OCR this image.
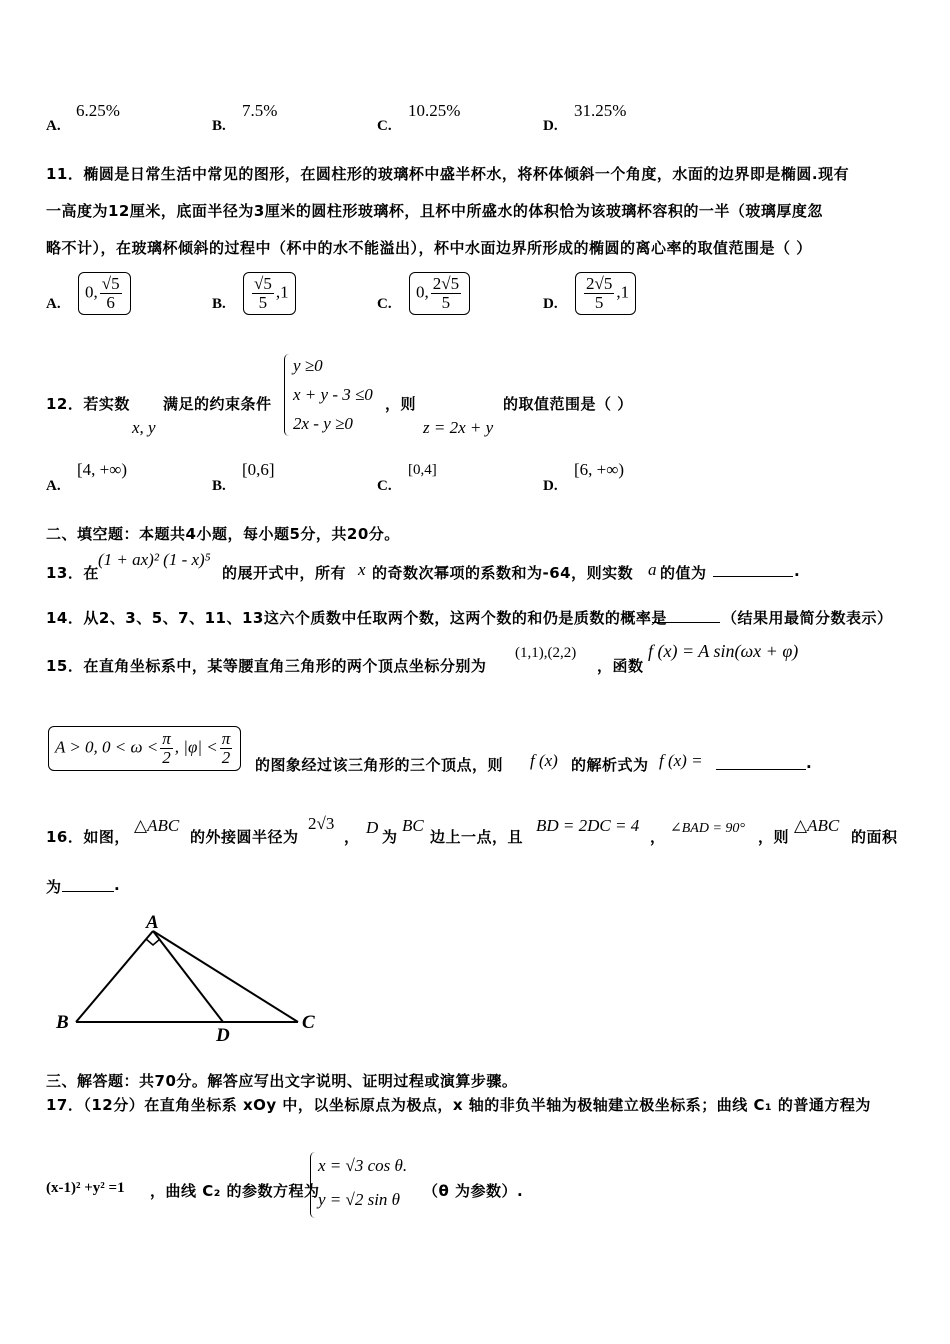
A.
6.25%
B.
7.5%
C.
10.25%
D.
31.25%
11．椭圆是日常生活中常见的图形，在圆柱形的玻璃杯中盛半杯水，将杯体倾斜一个角度，水面的边界即是椭圆.现有
一高度为12厘米，底面半径为3厘米的圆柱形玻璃杯，且杯中所盛水的体积恰为该玻璃杯容积的一半（玻璃厚度忽
略不计），在玻璃杯倾斜的过程中（杯中的水不能溢出），杯中水面边界所形成的椭圆的离心率的取值范围是（ ）
A.
0, $\frac{√5}{6}$	B. $\frac{√5}{5} ,1$
C.
0, $\frac{2√5}{5}$	D. $\frac{2√5}{5} ,1$
12．若实数
x, y
满足的约束条件
y ≥0
x + y - 3 ≤0
2x - y ≥0
，则
z = 2x + y
的取值范围是（ ）
A.
[4, +∞)
B.
[0,6]
C.
[0,4]
D.
[6, +∞)
二、填空题：本题共4小题，每小题5分，共20分。
13．在
(1 + ax)² (1 - x)⁵
的展开式中，所有 x 的奇数次幂项的系数和为-64，则实数 a 的值为	.
14．从2、3、5、7、11、13这六个质数中任取两个数，这两个数的和仍是质数的概率是	（结果用最简分数表示）
15．在直角坐标系中，某等腰直角三角形的两个顶点坐标分别为
(1,1),(2,2)
，函数
f (x) = A sin(ωx + φ)
A > 0, $0 < \omega < \frac{\pi}{2}$ , $|\varphi| < \frac{\pi}{2}$ 的图象经过该三角形的三个顶点，则 f (x) 的解析式为 f (x) =	.
16．如图，
△ABC
的外接圆半径为
2√3
， D 为
BC
边上一点，且
BD = 2DC = 4
， ∠BAD = 90° ，则
△ABC
的面积
为	.
A
B	C
D
三、解答题：共70分。解答应写出文字说明、证明过程或演算步骤。
17．（12分）在直角坐标系 xOy 中，以坐标原点为极点，x 轴的非负半轴为极轴建立极坐标系；曲线 C₁ 的普通方程为
(x-1)² +y² =1 ，曲线 C₂ 的参数方程为
x = √3 cos θ.
y = √2 sin θ （θ 为参数）.
